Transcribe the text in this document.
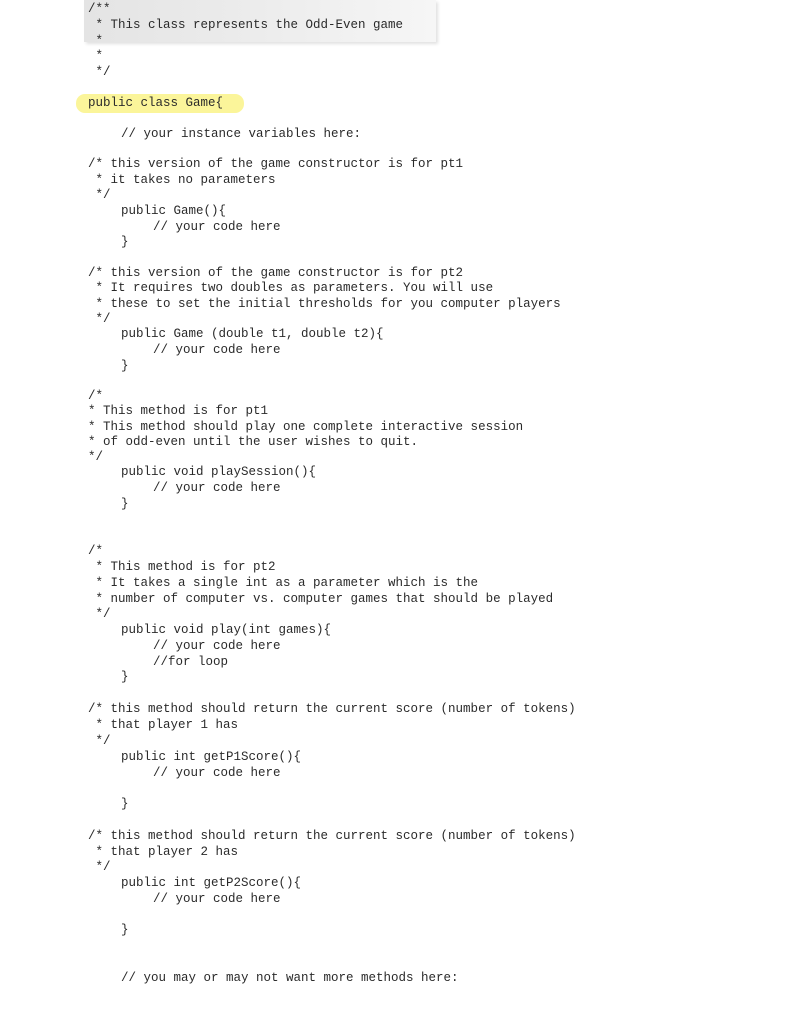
/**
* This class represents the Odd-Even game
*
*
*/
public class Game{
// your instance variables here:
/* this version of the game constructor is for pt1
* it takes no parameters
*/
public Game(){
// your code here
}
/* this version of the game constructor is for pt2
* It requires two doubles as parameters. You will use
* these to set the initial thresholds for you computer players
*/
public Game (double t1, double t2){
// your code here
}
/*
* This method is for pt1
* This method should play one complete interactive session
* of odd-even until the user wishes to quit.
*/
public void playSession(){
// your code here
}
/*
* This method is for pt2
* It takes a single int as a parameter which is the
* number of computer vs. computer games that should be played
*/
public void play(int games){
// your code here
//for loop
}
/* this method should return the current score (number of tokens)
* that player 1 has
*/
public int getP1Score(){
// your code here
}
/* this method should return the current score (number of tokens)
* that player 2 has
*/
public int getP2Score(){
// your code here
}
// you may or may not want more methods here:
